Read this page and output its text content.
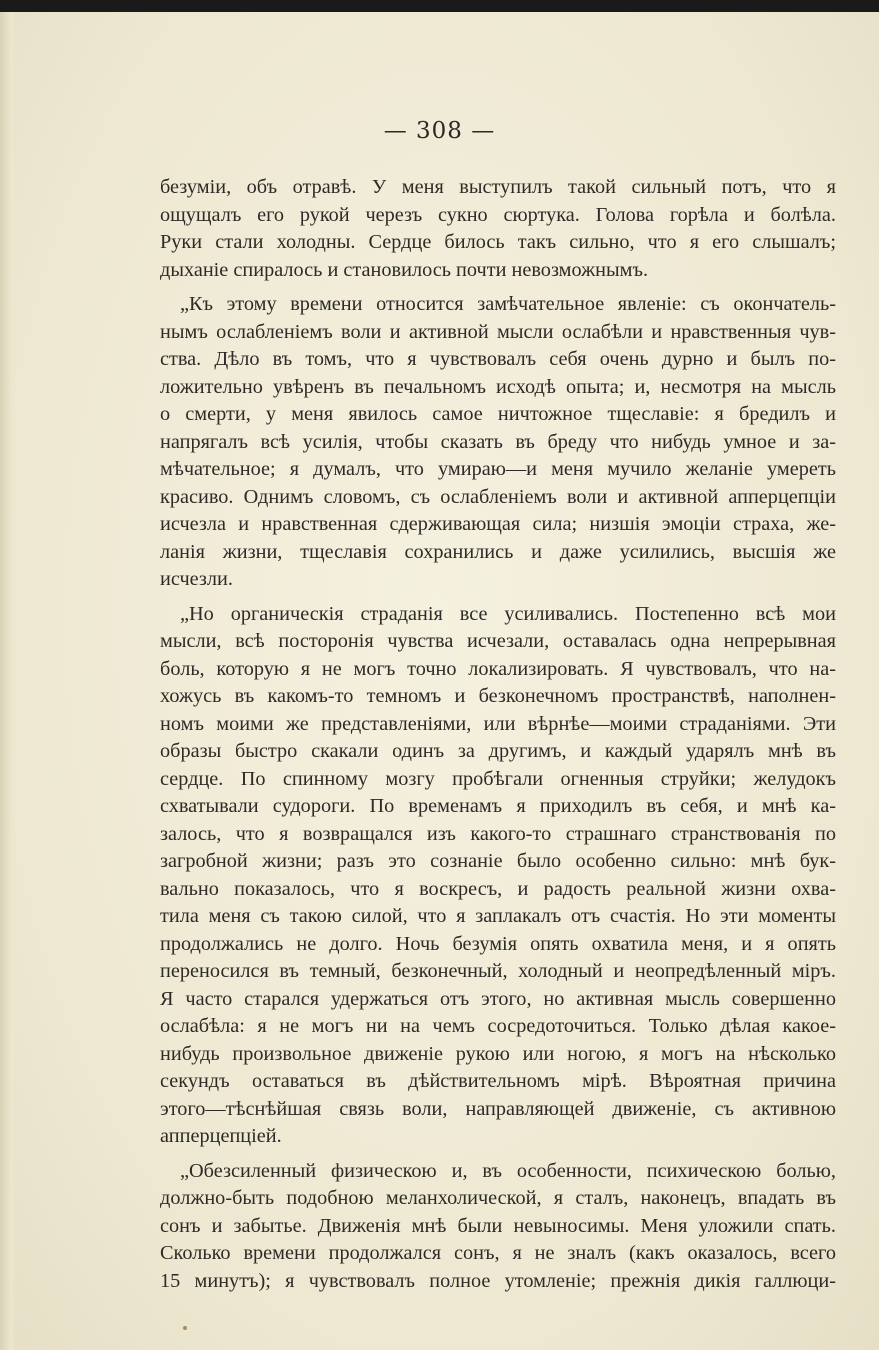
— 308 —
безуміи, объ отравѣ. У меня выступилъ такой сильный потъ, что я
ощущалъ его рукой черезъ сукно сюртука. Голова горѣла и болѣла.
Руки стали холодны. Сердце билось такъ сильно, что я его слышалъ;
дыханіе спиралось и становилось почти невозможнымъ.
„Къ этому времени относится замѣчательное явленіе: съ окончатель-
нымъ ослабленіемъ воли и активной мысли ослабѣли и нравственныя чув-
ства. Дѣло въ томъ, что я чувствовалъ себя очень дурно и былъ по-
ложительно увѣренъ въ печальномъ исходѣ опыта; и, несмотря на мысль
о смерти, у меня явилось самое ничтожное тщеславіе: я бредилъ и
напрягалъ всѣ усилія, чтобы сказать въ бреду что нибудь умное и за-
мѣчательное; я думалъ, что умираю—и меня мучило желаніе умереть
красиво. Однимъ словомъ, съ ослабленіемъ воли и активной апперцепціи
исчезла и нравственная сдерживающая сила; низшія эмоціи страха, же-
ланія жизни, тщеславія сохранились и даже усилились, высшія же
исчезли.
„Но органическія страданія все усиливались. Постепенно всѣ мои
мысли, всѣ посторонія чувства исчезали, оставалась одна непрерывная
боль, которую я не могъ точно локализировать. Я чувствовалъ, что на-
хожусь въ какомъ-то темномъ и безконечномъ пространствѣ, наполнен-
номъ моими же представленіями, или вѣрнѣе—моими страданіями. Эти
образы быстро скакали одинъ за другимъ, и каждый ударялъ мнѣ въ
сердце. По спинному мозгу пробѣгали огненныя струйки; желудокъ
схватывали судороги. По временамъ я приходилъ въ себя, и мнѣ ка-
залось, что я возвращался изъ какого-то страшнаго странствованія по
загробной жизни; разъ это сознаніе было особенно сильно: мнѣ бук-
вально показалось, что я воскресъ, и радость реальной жизни охва-
тила меня съ такою силой, что я заплакалъ отъ счастія. Но эти моменты
продолжались не долго. Ночь безумія опять охватила меня, и я опять
переносился въ темный, безконечный, холодный и неопредѣленный міръ.
Я часто старался удержаться отъ этого, но активная мысль совершенно
ослабѣла: я не могъ ни на чемъ сосредоточиться. Только дѣлая какое-
нибудь произвольное движеніе рукою или ногою, я могъ на нѣсколько
секундъ оставаться въ дѣйствительномъ мірѣ. Вѣроятная причина
этого—тѣснѣйшая связь воли, направляющей движеніе, съ активною
апперцепціей.
„Обезсиленный физическою и, въ особенности, психическою болью,
должно-быть подобною меланхолической, я сталъ, наконецъ, впадать въ
сонъ и забытье. Движенія мнѣ были невыносимы. Меня уложили спать.
Сколько времени продолжался сонъ, я не зналъ (какъ оказалось, всего
15 минутъ); я чувствовалъ полное утомленіе; прежнія дикія галлюци-
